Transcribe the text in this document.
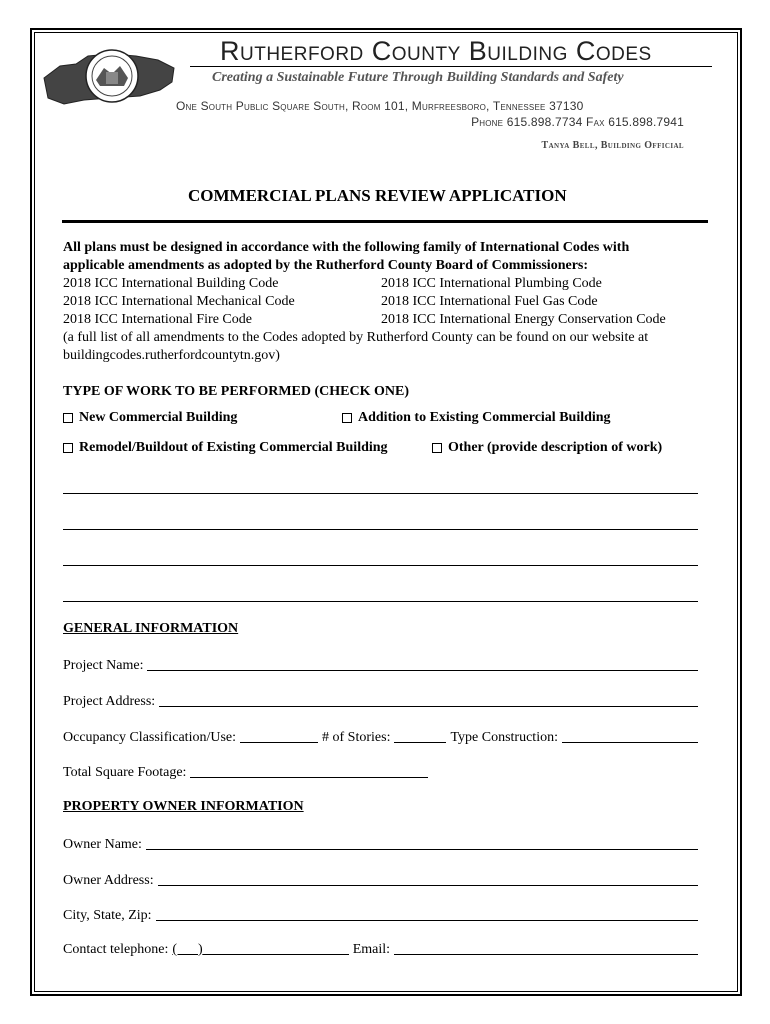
Rutherford County Building Codes
Creating a Sustainable Future Through Building Standards and Safety
One South Public Square South, Room 101, Murfreesboro, Tennessee 37130
Phone 615.898.7734 Fax 615.898.7941
Tanya Bell, Building Official
COMMERCIAL PLANS REVIEW APPLICATION
All plans must be designed in accordance with the following family of International Codes with
applicable amendments as adopted by the Rutherford County Board of Commissioners:
2018 ICC International Building Code	2018 ICC International Plumbing Code
2018 ICC International Mechanical Code	2018 ICC International Fuel Gas Code
2018 ICC International Fire Code	2018 ICC International Energy Conservation Code
(a full list of all amendments to the Codes adopted by Rutherford County can be found on our website at
buildingcodes.rutherfordcountytn.gov)
TYPE OF WORK TO BE PERFORMED (CHECK ONE)
New Commercial Building	Addition to Existing Commercial Building
Remodel/Buildout of Existing Commercial Building	Other (provide description of work)
GENERAL INFORMATION
Project Name:
Project Address:
Occupancy Classification/Use:	# of Stories:	Type Construction:
Total Square Footage:
PROPERTY OWNER INFORMATION
Owner Name:
Owner Address:
City, State, Zip:
Contact telephone: (      )	Email:
